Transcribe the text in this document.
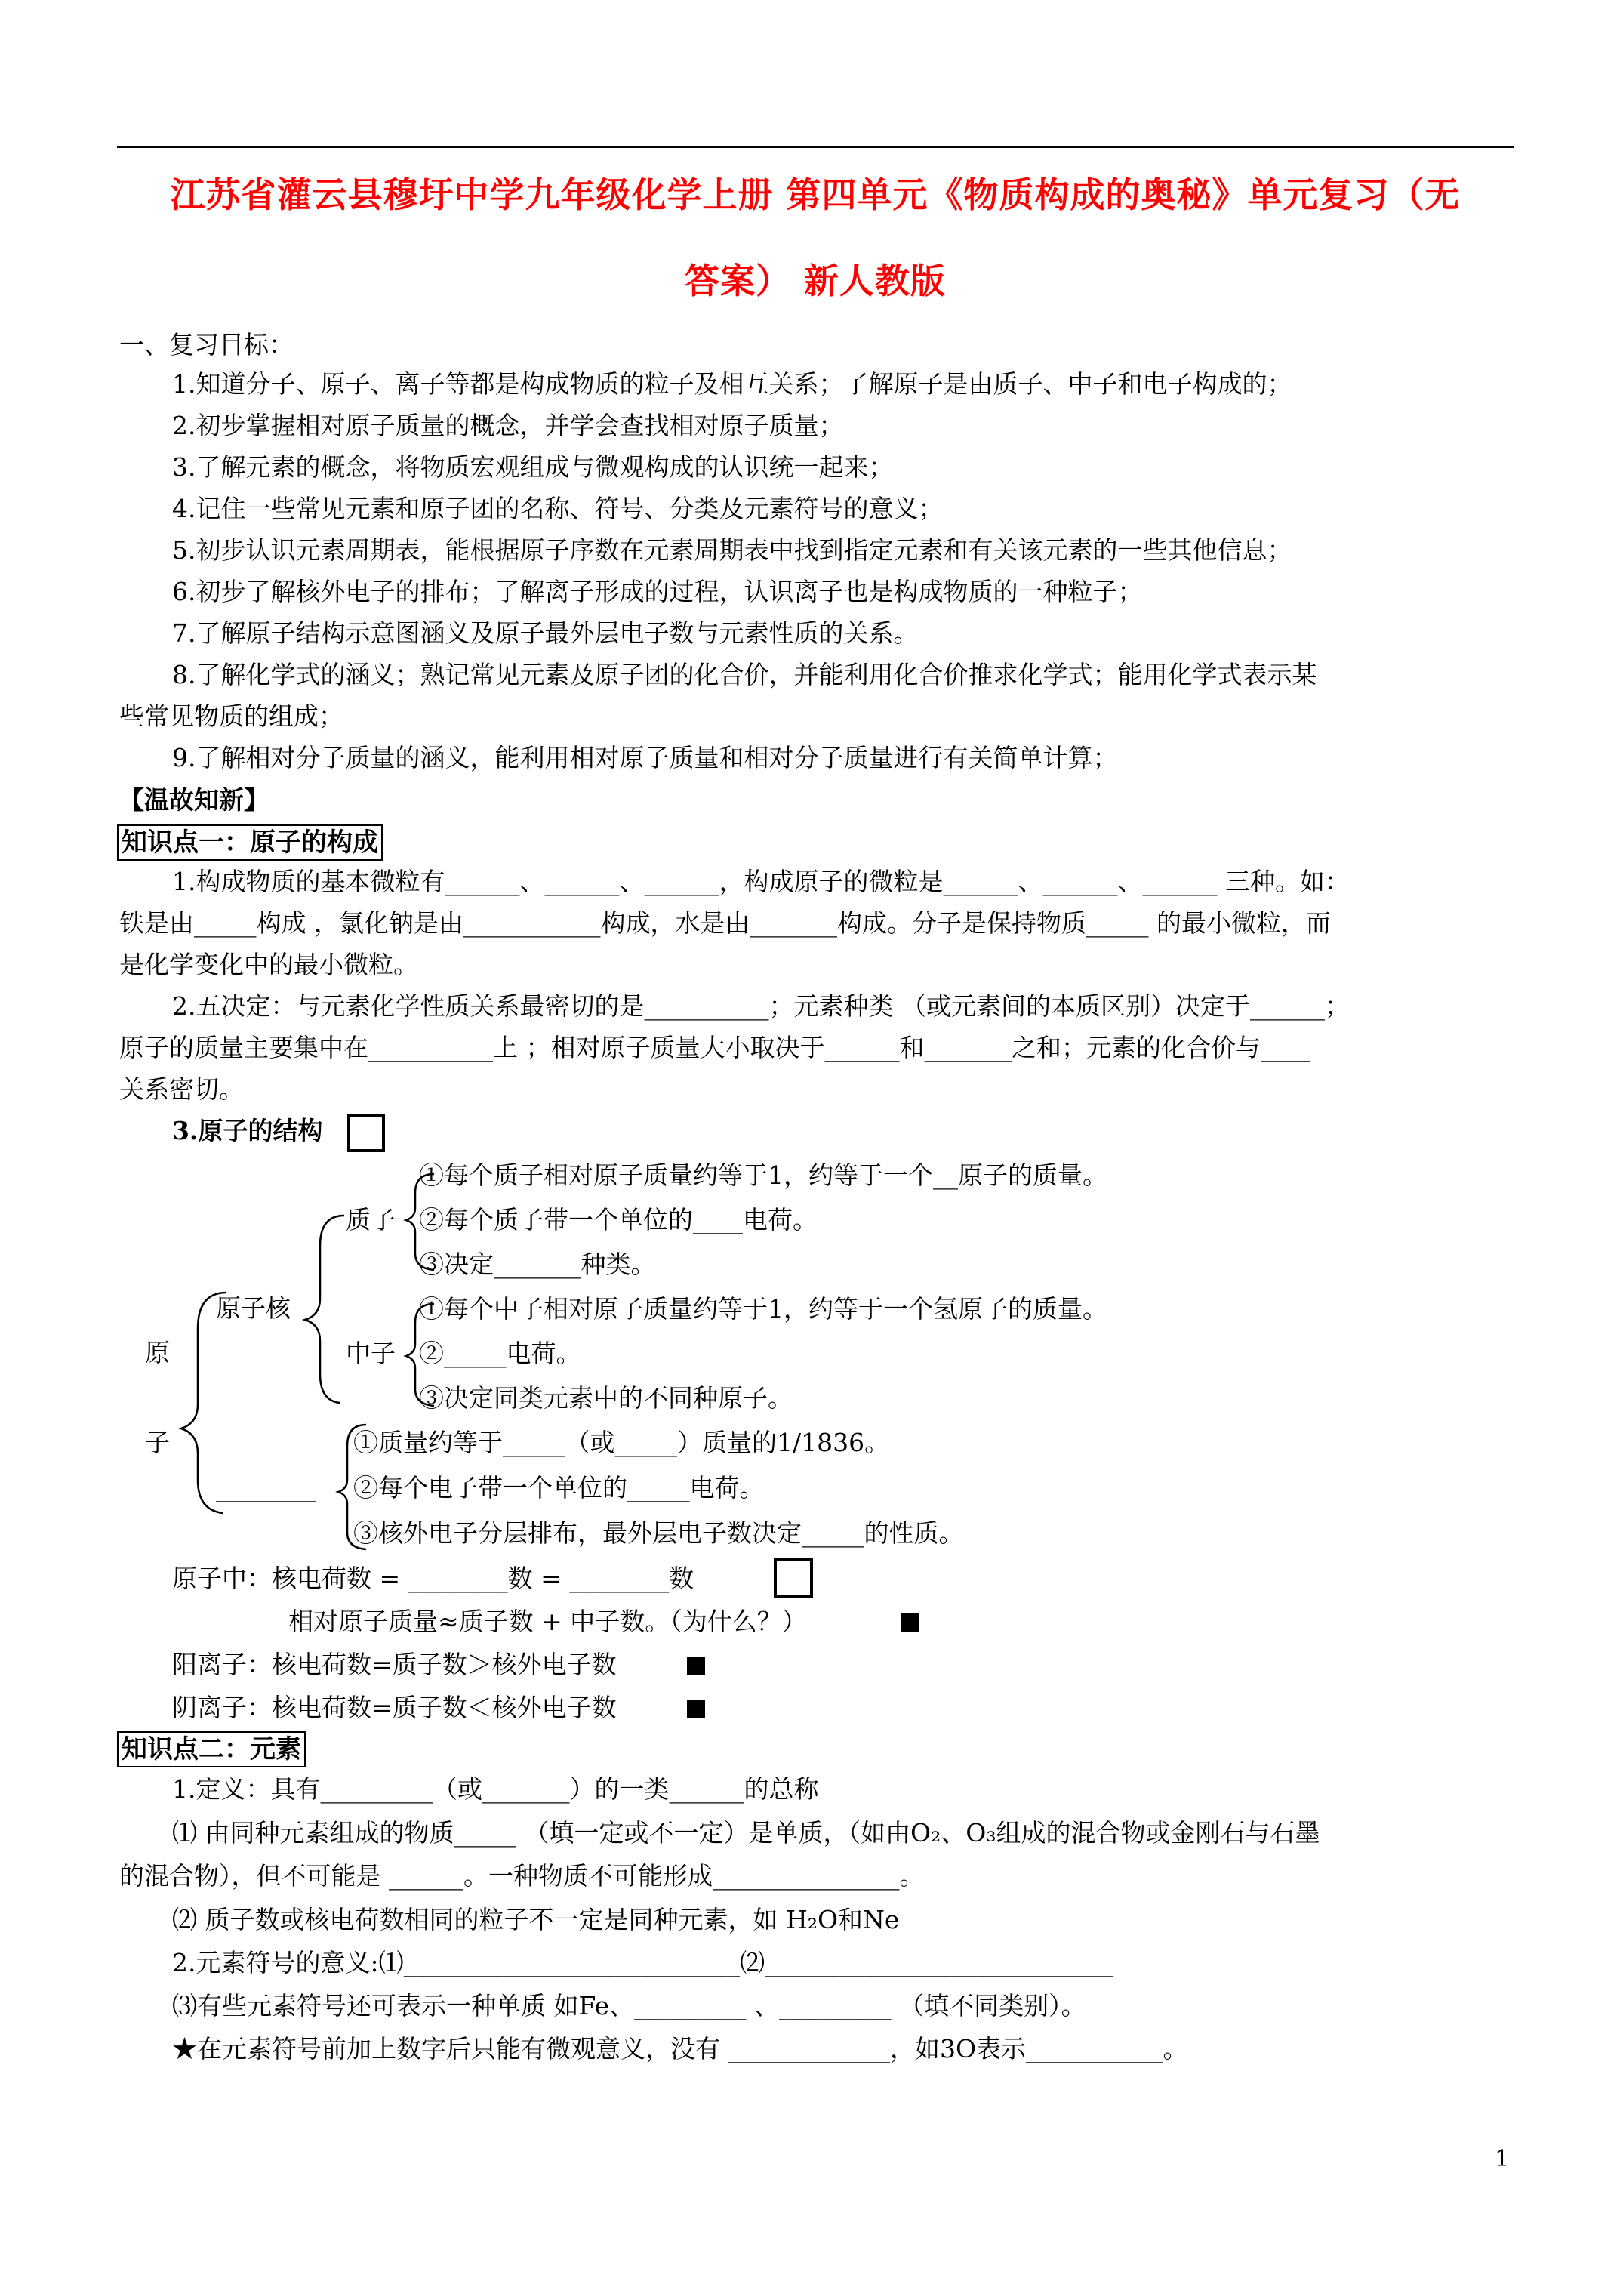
江苏省灌云县穆圩中学九年级化学上册 第四单元《物质构成的奥秘》单元复习（无
答案） 新人教版
一、复习目标：
1.知道分子、原子、离子等都是构成物质的粒子及相互关系；了解原子是由质子、中子和电子构成的；
2.初步掌握相对原子质量的概念，并学会查找相对原子质量；
3.了解元素的概念，将物质宏观组成与微观构成的认识统一起来；
4.记住一些常见元素和原子团的名称、符号、分类及元素符号的意义；
5.初步认识元素周期表，能根据原子序数在元素周期表中找到指定元素和有关该元素的一些其他信息；
6.初步了解核外电子的排布；了解离子形成的过程，认识离子也是构成物质的一种粒子；
7.了解原子结构示意图涵义及原子最外层电子数与元素性质的关系。
8.了解化学式的涵义；熟记常见元素及原子团的化合价，并能利用化合价推求化学式；能用化学式表示某
些常见物质的组成；
9.了解相对分子质量的涵义，能利用相对原子质量和相对分子质量进行有关简单计算；
【温故知新】
知识点一：原子的构成
1.构成物质的基本微粒有______、______、______，构成原子的微粒是______、______、______ 三种。如：
铁是由_____构成 ，氯化钠是由___________构成，水是由_______构成。分子是保持物质_____ 的最小微粒，而
是化学变化中的最小微粒。
2.五决定：与元素化学性质关系最密切的是__________；元素种类 （或元素间的本质区别）决定于______；
原子的质量主要集中在__________上 ；相对原子质量大小取决于______和_______之和；元素的化合价与____
关系密切。
3.原子的结构
原
子
原子核
质子
中子
________
①每个质子相对原子质量约等于1，约等于一个__原子的质量。
②每个质子带一个单位的____电荷。
③决定_______种类。
①每个中子相对原子质量约等于1，约等于一个氢原子的质量。
②_____电荷。
③决定同类元素中的不同种原子。
①质量约等于_____（或_____）质量的1/1836。
②每个电子带一个单位的_____电荷。
③核外电子分层排布，最外层电子数决定_____的性质。
原子中：核电荷数 = ________数 = ________数
相对原子质量≈质子数 + 中子数。（为什么？）
阳离子：核电荷数=质子数＞核外电子数
阴离子：核电荷数=质子数＜核外电子数
知识点二：元素
1.定义：具有_________（或_______）的一类______的总称
⑴ 由同种元素组成的物质_____ （填一定或不一定）是单质，（如由O₂、O₃组成的混合物或金刚石与石墨
的混合物），但不可能是 ______。一种物质不可能形成_______________。
⑵ 质子数或核电荷数相同的粒子不一定是同种元素，如 H₂O和Ne
2.元素符号的意义:⑴___________________________⑵____________________________
⑶有些元素符号还可表示一种单质 如Fe、_________ 、_________ （填不同类别）。
★在元素符号前加上数字后只能有微观意义，没有 _____________，如3O表示___________。
1
